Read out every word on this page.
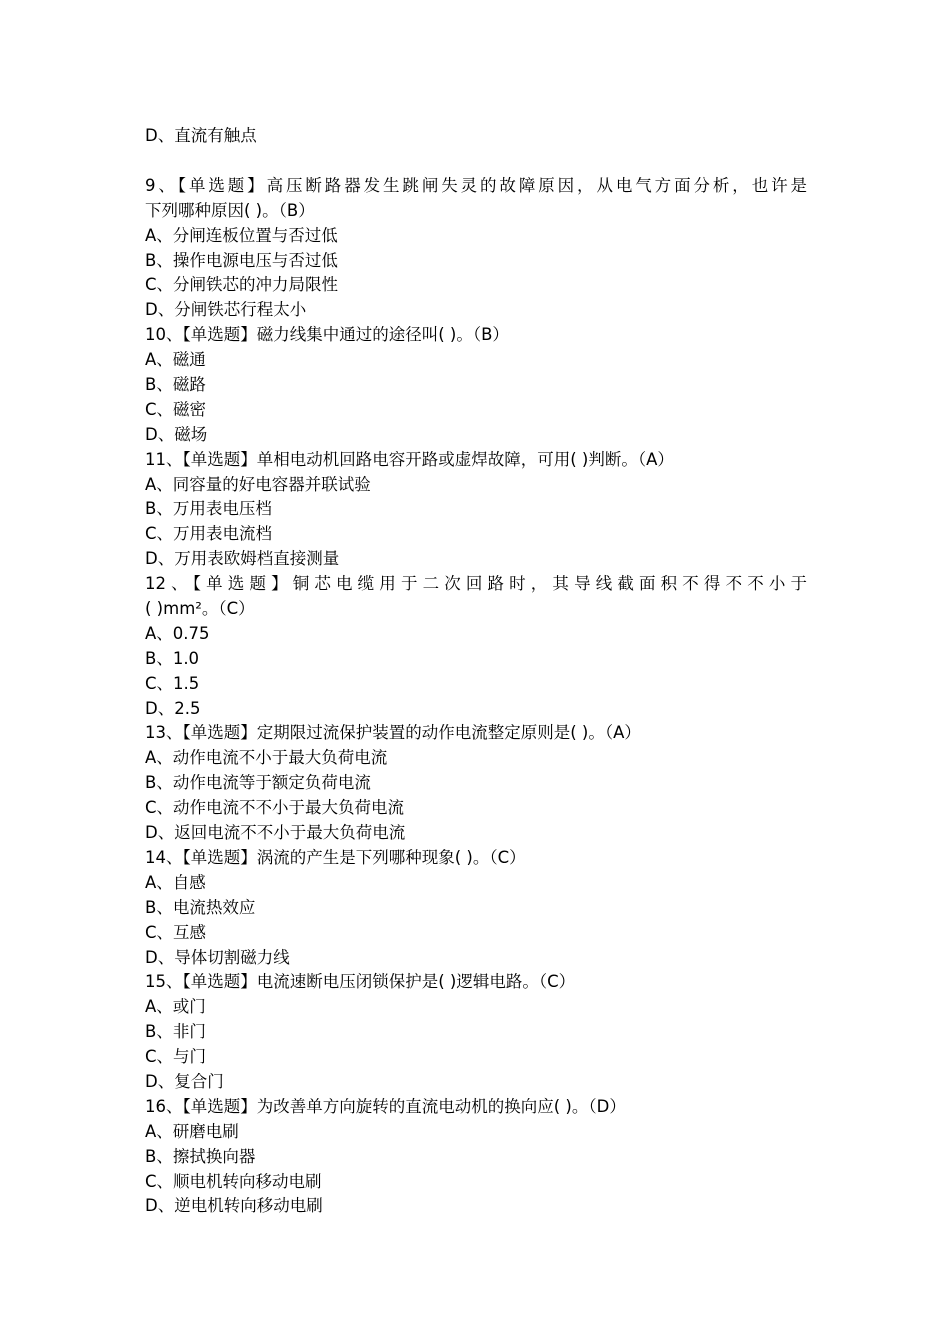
D、直流有触点
9、【单选题】高压断路器发生跳闸失灵的故障原因，从电气方面分析，也许是
下列哪种原因( )。（B）
A、分闸连板位置与否过低
B、操作电源电压与否过低
C、分闸铁芯的冲力局限性
D、分闸铁芯行程太小
10、【单选题】磁力线集中通过的途径叫( )。（B）
A、磁通
B、磁路
C、磁密
D、磁场
11、【单选题】单相电动机回路电容开路或虚焊故障，可用( )判断。（A）
A、同容量的好电容器并联试验
B、万用表电压档
C、万用表电流档
D、万用表欧姆档直接测量
12、【单选题】铜芯电缆用于二次回路时，其导线截面积不得不不小于
( )mm²。（C）
A、0.75
B、1.0
C、1.5
D、2.5
13、【单选题】定期限过流保护装置的动作电流整定原则是( )。（A）
A、动作电流不小于最大负荷电流
B、动作电流等于额定负荷电流
C、动作电流不不小于最大负荷电流
D、返回电流不不小于最大负荷电流
14、【单选题】涡流的产生是下列哪种现象( )。（C）
A、自感
B、电流热效应
C、互感
D、导体切割磁力线
15、【单选题】电流速断电压闭锁保护是( )逻辑电路。（C）
A、或门
B、非门
C、与门
D、复合门
16、【单选题】为改善单方向旋转的直流电动机的换向应( )。（D）
A、研磨电刷
B、擦拭换向器
C、顺电机转向移动电刷
D、逆电机转向移动电刷
